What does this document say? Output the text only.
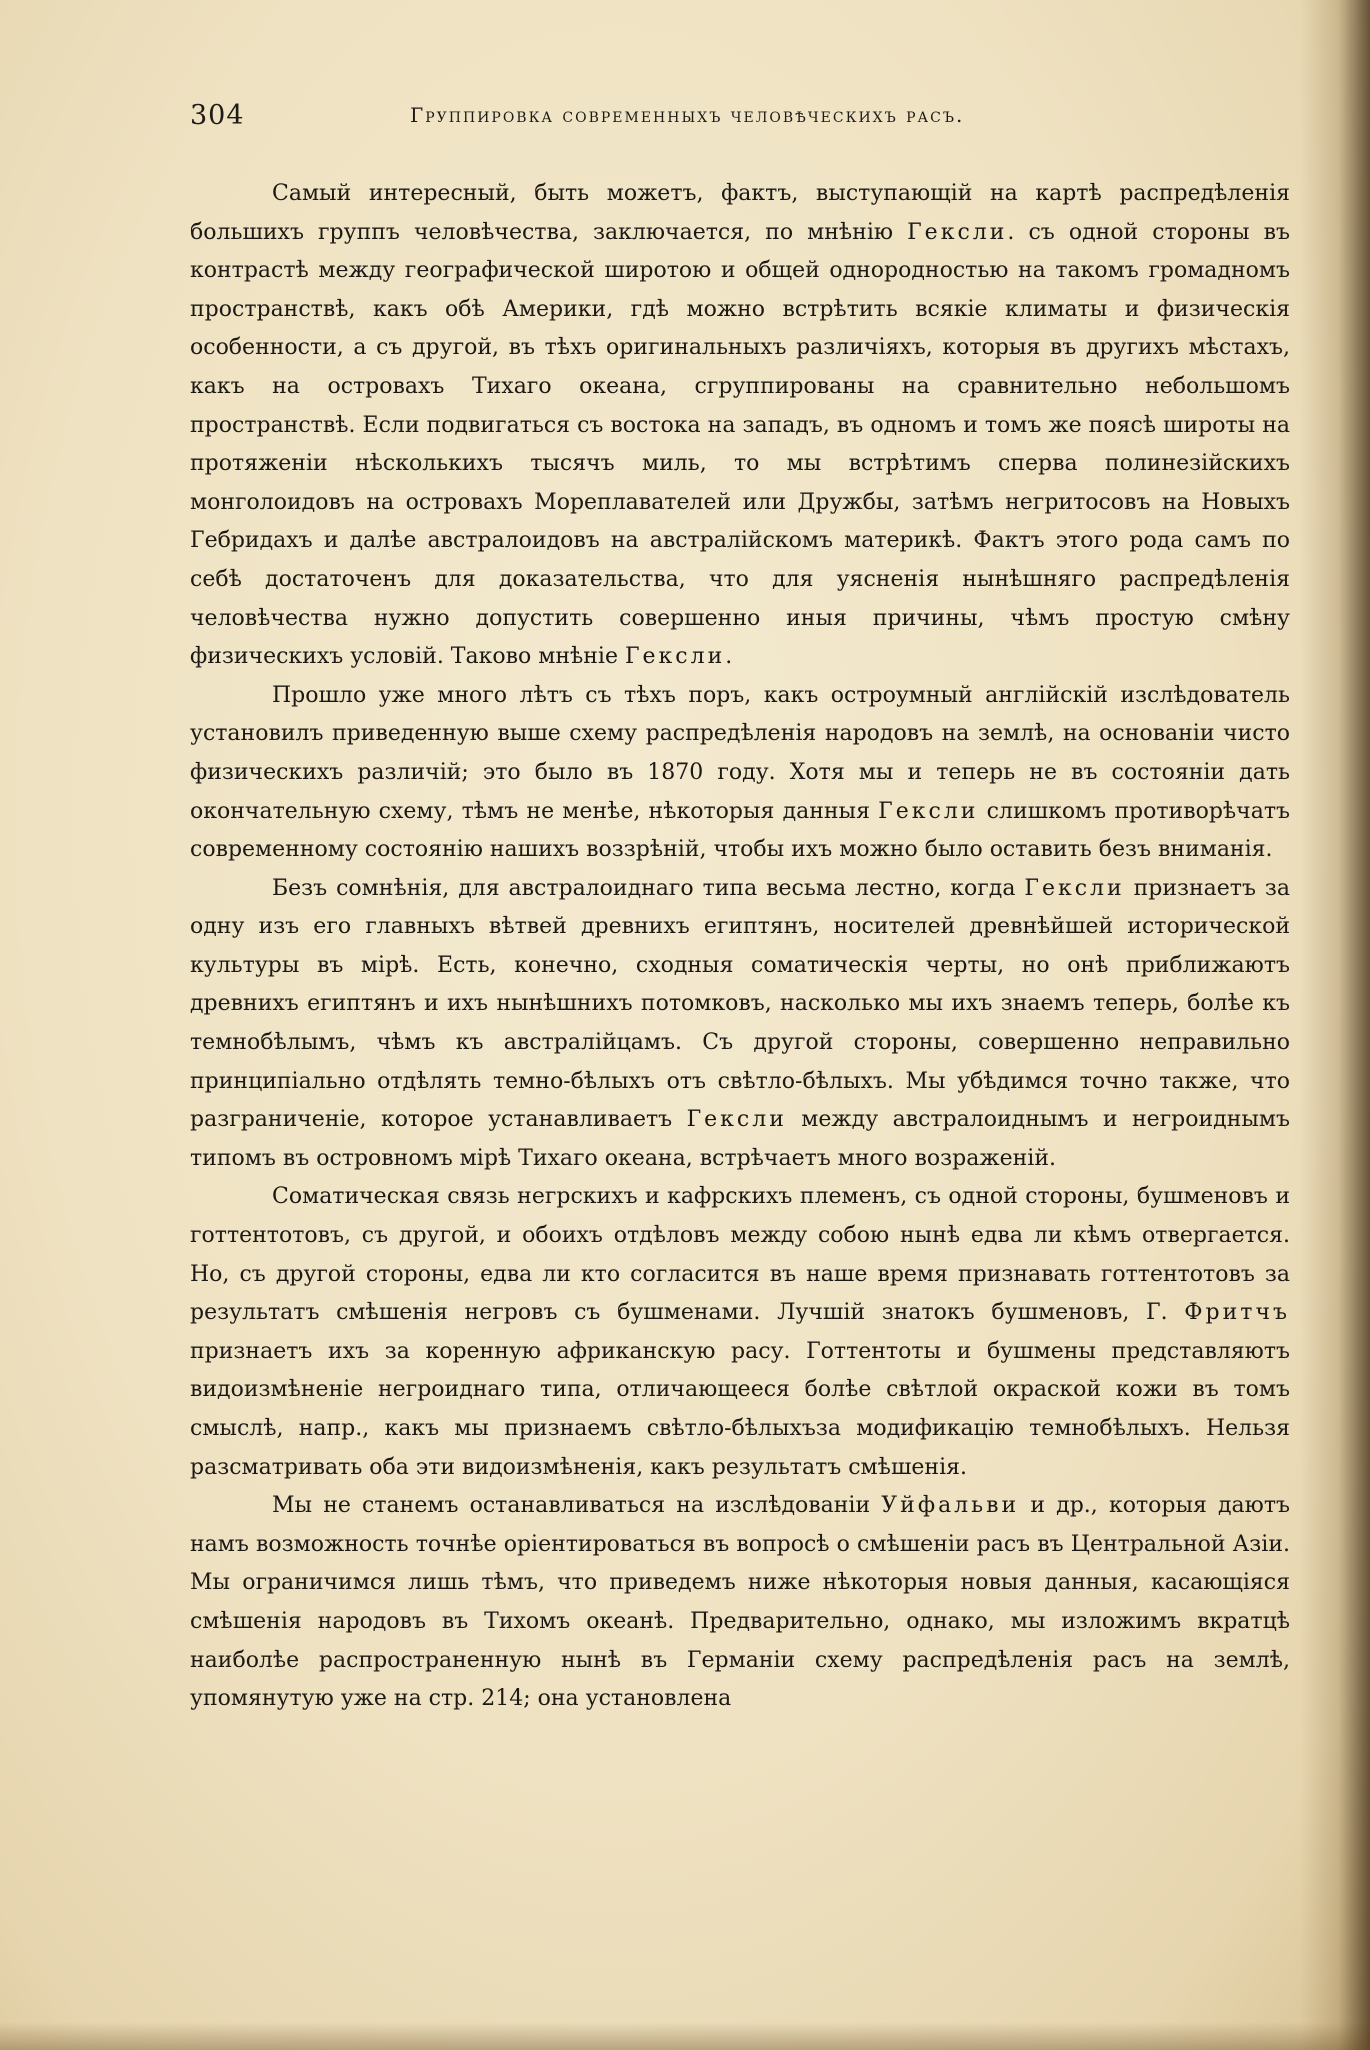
304	Группировка современныхъ человѣческихъ расъ.

Самый интересный, быть можетъ, фактъ, выступающій на картѣ распредѣленія большихъ группъ человѣчества, заключается, по мнѣнію Гексли. съ одной стороны въ контрастѣ между географической широтою и общей однородностью на такомъ громадномъ пространствѣ, какъ обѣ Америки, гдѣ можно встрѣтить всякіе климаты и физическія особенности, а съ другой, въ тѣхъ оригинальныхъ различіяхъ, которыя въ другихъ мѣстахъ, какъ на островахъ Тихаго океана, сгруппированы на сравнительно небольшомъ пространствѣ. Если подвигаться съ востока на западъ, въ одномъ и томъ же поясѣ широты на протяженіи нѣсколькихъ тысячъ миль, то мы встрѣтимъ сперва полинезійскихъ монголоидовъ на островахъ Мореплавателей или Дружбы, затѣмъ негритосовъ на Новыхъ Гебридахъ и далѣе австралоидовъ на австралійскомъ материкѣ. Фактъ этого рода самъ по себѣ достаточенъ для доказательства, что для уясненія нынѣшняго распредѣленія человѣчества нужно допустить совершенно иныя причины, чѣмъ простую смѣну физическихъ условій. Таково мнѣніе Гексли.

Прошло уже много лѣтъ съ тѣхъ поръ, какъ остроумный англійскій изслѣдователь установилъ приведенную выше схему распредѣленія народовъ на землѣ, на основаніи чисто физическихъ различій; это было въ 1870 году. Хотя мы и теперь не въ состояніи дать окончательную схему, тѣмъ не менѣе, нѣкоторыя данныя Гексли слишкомъ противорѣчатъ современному состоянію нашихъ воззрѣній, чтобы ихъ можно было оставить безъ вниманія.

Безъ сомнѣнія, для австралоиднаго типа весьма лестно, когда Гексли признаетъ за одну изъ его главныхъ вѣтвей древнихъ египтянъ, носителей древнѣйшей исторической культуры въ мірѣ. Есть, конечно, сходныя соматическія черты, но онѣ приближаютъ древнихъ египтянъ и ихъ нынѣшнихъ потомковъ, насколько мы ихъ знаемъ теперь, болѣе къ темнобѣлымъ, чѣмъ къ австралійцамъ. Съ другой стороны, совершенно неправильно принципіально отдѣлять темно-бѣлыхъ отъ свѣтло-бѣлыхъ. Мы убѣдимся точно также, что разграниченіе, которое устанавливаетъ Гексли между австралоиднымъ и негроиднымъ типомъ въ островномъ мірѣ Тихаго океана, встрѣчаетъ много возраженій.

Соматическая связь негрскихъ и кафрскихъ племенъ, съ одной стороны, бушменовъ и готтентотовъ, съ другой, и обоихъ отдѣловъ между собою нынѣ едва ли кѣмъ отвергается. Но, съ другой стороны, едва ли кто согласится въ наше время признавать готтентотовъ за результатъ смѣшенія негровъ съ бушменами. Лучшій знатокъ бушменовъ, Г. Фритчъ признаетъ ихъ за коренную африканскую расу. Готтентоты и бушмены представляютъ видоизмѣненіе негроиднаго типа, отличающееся болѣе свѣтлой окраской кожи въ томъ смыслѣ, напр., какъ мы признаемъ свѣтло-бѣлыхъза модификацію темнобѣлыхъ. Нельзя разсматривать оба эти видоизмѣненія, какъ результатъ смѣшенія.

Мы не станемъ останавливаться на изслѣдованіи Уйфальви и др., которыя даютъ намъ возможность точнѣе оріентироваться въ вопросѣ о смѣшеніи расъ въ Центральной Азіи. Мы ограничимся лишь тѣмъ, что приведемъ ниже нѣкоторыя новыя данныя, касающіяся смѣшенія народовъ въ Тихомъ океанѣ. Предварительно, однако, мы изложимъ вкратцѣ наиболѣе распространенную нынѣ въ Германіи схему распредѣленія расъ на землѣ, упомянутую уже на стр. 214; она установлена
